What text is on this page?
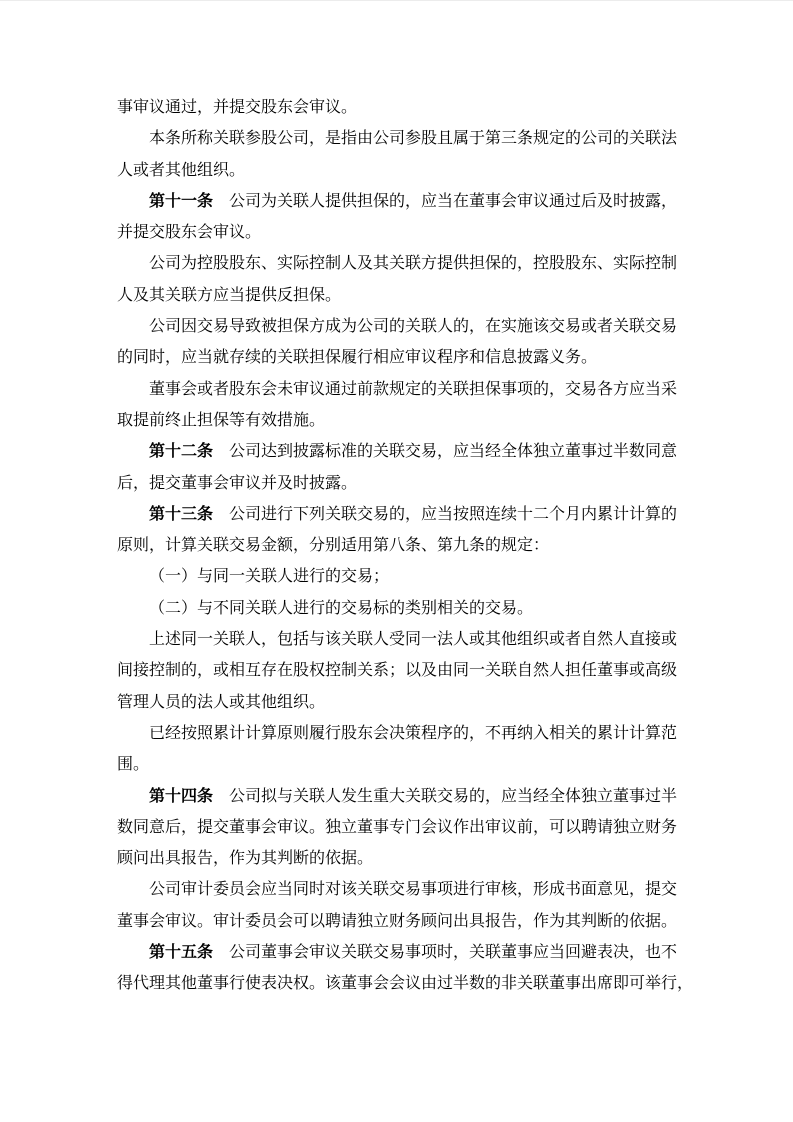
事审议通过，并提交股东会审议。
本条所称关联参股公司，是指由公司参股且属于第三条规定的公司的关联法
人或者其他组织。
第十一条 公司为关联人提供担保的，应当在董事会审议通过后及时披露，
并提交股东会审议。
公司为控股股东、实际控制人及其关联方提供担保的，控股股东、实际控制
人及其关联方应当提供反担保。
公司因交易导致被担保方成为公司的关联人的，在实施该交易或者关联交易
的同时，应当就存续的关联担保履行相应审议程序和信息披露义务。
董事会或者股东会未审议通过前款规定的关联担保事项的，交易各方应当采
取提前终止担保等有效措施。
第十二条 公司达到披露标准的关联交易，应当经全体独立董事过半数同意
后，提交董事会审议并及时披露。
第十三条 公司进行下列关联交易的，应当按照连续十二个月内累计计算的
原则，计算关联交易金额，分别适用第八条、第九条的规定：
（一）与同一关联人进行的交易；
（二）与不同关联人进行的交易标的类别相关的交易。
上述同一关联人，包括与该关联人受同一法人或其他组织或者自然人直接或
间接控制的，或相互存在股权控制关系；以及由同一关联自然人担任董事或高级
管理人员的法人或其他组织。
已经按照累计计算原则履行股东会决策程序的，不再纳入相关的累计计算范
围。
第十四条 公司拟与关联人发生重大关联交易的，应当经全体独立董事过半
数同意后，提交董事会审议。独立董事专门会议作出审议前，可以聘请独立财务
顾问出具报告，作为其判断的依据。
公司审计委员会应当同时对该关联交易事项进行审核，形成书面意见，提交
董事会审议。审计委员会可以聘请独立财务顾问出具报告，作为其判断的依据。
第十五条 公司董事会审议关联交易事项时，关联董事应当回避表决，也不
得代理其他董事行使表决权。该董事会会议由过半数的非关联董事出席即可举行，
